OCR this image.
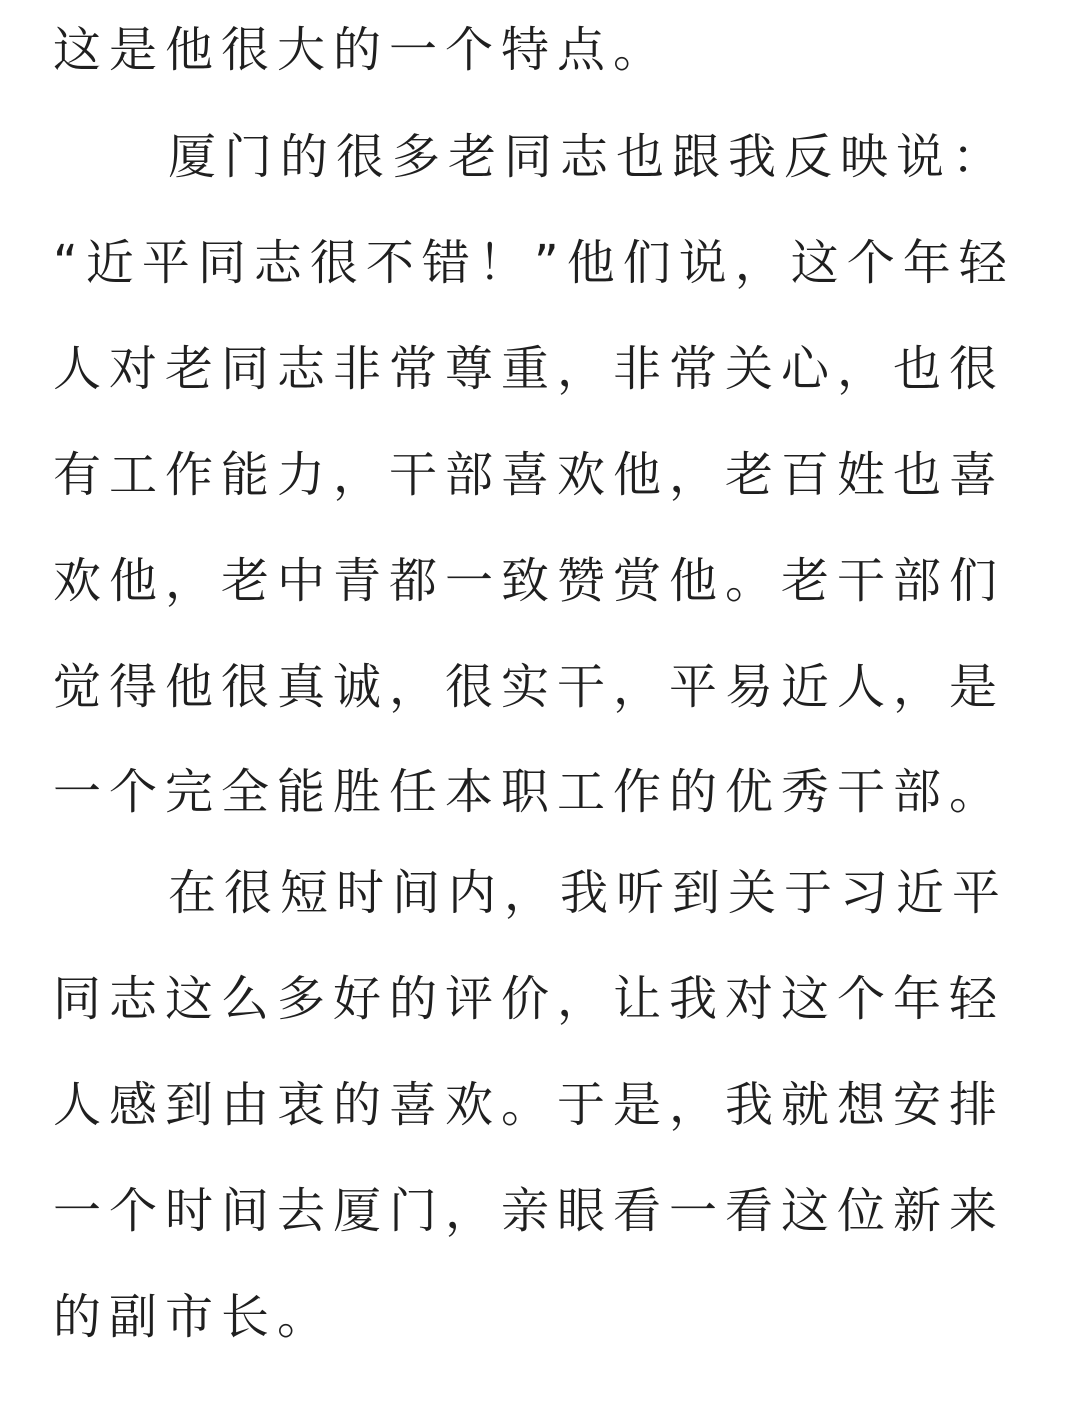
这是他很大的一个特点。
厦门的很多老同志也跟我反映说：
“近平同志很不错！”他们说，这个年轻
人对老同志非常尊重，非常关心，也很
有工作能力，干部喜欢他，老百姓也喜
欢他，老中青都一致赞赏他。老干部们
觉得他很真诚，很实干，平易近人，是
一个完全能胜任本职工作的优秀干部。
在很短时间内，我听到关于习近平
同志这么多好的评价，让我对这个年轻
人感到由衷的喜欢。于是，我就想安排
一个时间去厦门，亲眼看一看这位新来
的副市长。
